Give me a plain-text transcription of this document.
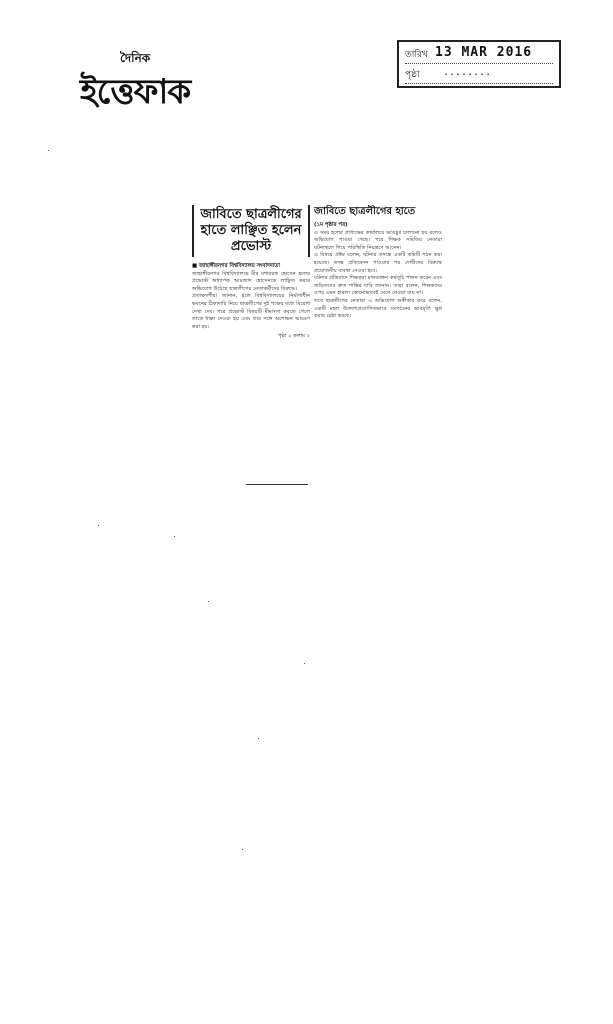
দৈনিক
ইত্তেফাক
তারিখ 13 MAR 2016
পৃষ্ঠা ........
জাবিতে ছাত্রলীগের হাতে লাঞ্ছিত হলেন প্রভোস্ট

■ জাহাঙ্গীরনগর বিশ্ববিদ্যালয় সংবাদদাতা

জাহাঙ্গীরনগর বিশ্ববিদ্যালয়ে মীর মশাররফ হোসেন হলের প্রভোস্ট অধ্যাপক আমজাদ হোসেনকে লাঞ্ছিত করার অভিযোগ উঠেছে ছাত্রলীগের নেতাকর্মীদের বিরুদ্ধে।

প্রত্যক্ষদর্শীরা জানান, হলে বিশ্ববিদ্যালয়ের নির্মাণাধীন ভবনের ঠিকাদারি নিয়ে ছাত্রলীগের দুই পক্ষের মধ্যে বিরোধ দেখা দেয়। পরে প্রভোস্ট বিষয়টি মীমাংসা করতে গেলে তাকে ধাক্কা দেওয়া হয় এবং তার সঙ্গে অশোভন আচরণ করা হয়।

পৃষ্ঠা ২ কলাম ২

জাবিতে ছাত্রলীগের হাতে

(১ম পৃষ্ঠার পর)

এ সময় হলের প্রাধ্যক্ষের কার্যালয়ে ভাঙচুর চালানো হয় বলেও অভিযোগ পাওয়া গেছে। পরে শিক্ষক সমিতির নেতারা ঘটনাস্থলে গিয়ে পরিস্থিতি নিয়ন্ত্রণে আনেন।

এ বিষয়ে প্রক্টর বলেন, ঘটনার তদন্তে একটি কমিটি গঠন করা হয়েছে। তদন্ত প্রতিবেদন পাওয়ার পর দোষীদের বিরুদ্ধে প্রয়োজনীয় ব্যবস্থা নেওয়া হবে।

ঘটনার প্রতিবাদে শিক্ষকরা মানববন্ধন কর্মসূচি পালন করেন এবং জড়িতদের দ্রুত শাস্তির দাবি জানান। তারা বলেন, শিক্ষকদের ওপর এমন হামলা কোনোভাবেই মেনে নেওয়া যায় না।

তবে ছাত্রলীগের নেতারা এ অভিযোগ অস্বীকার করে বলেন, একটি মহল উদ্দেশ্যপ্রণোদিতভাবে সংগঠনের ভাবমূর্তি ক্ষুণ্ণ করার চেষ্টা করছে।
